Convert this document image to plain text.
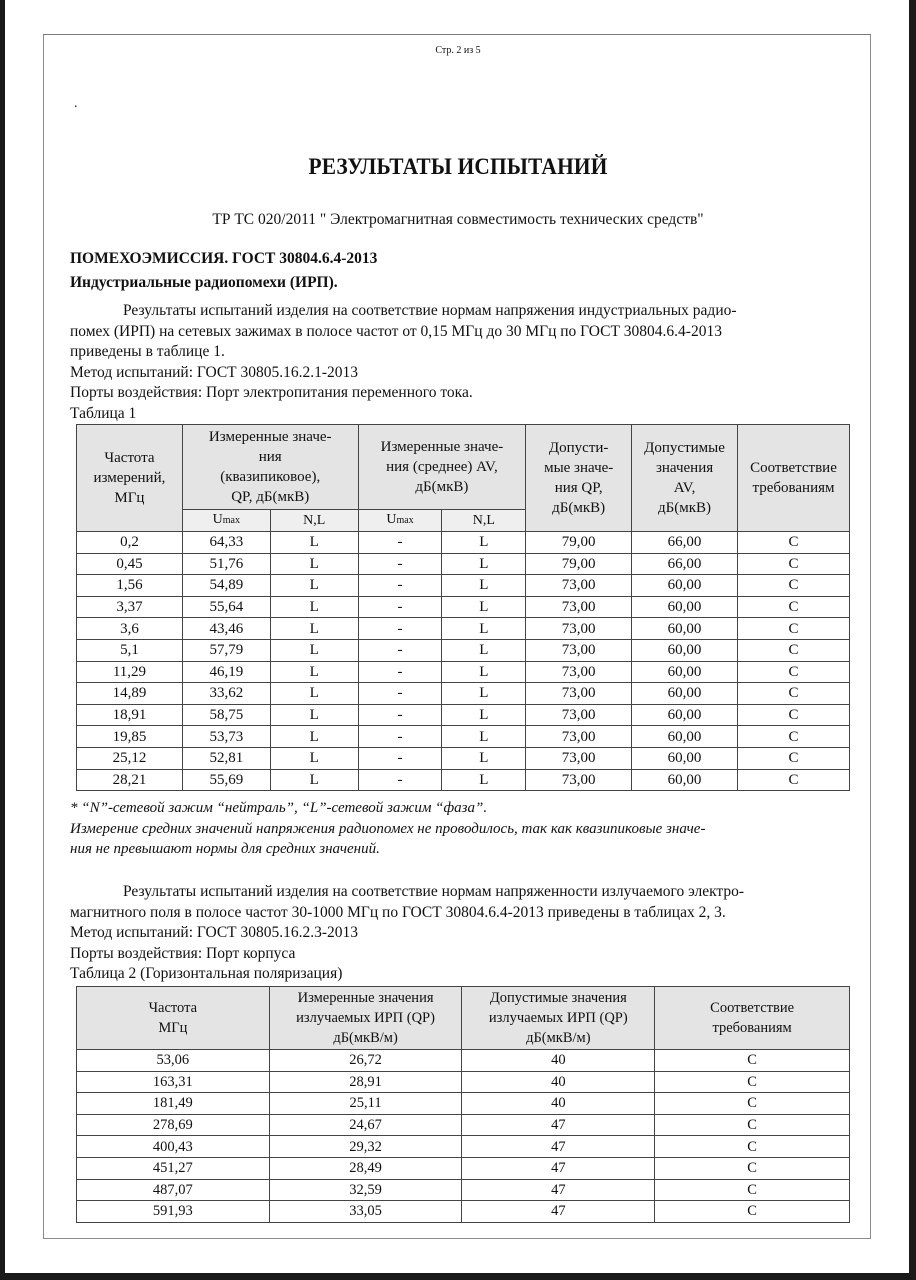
Стр. 2 из 5
.
РЕЗУЛЬТАТЫ ИСПЫТАНИЙ
ТР ТС 020/2011 " Электромагнитная совместимость технических средств"
ПОМЕХОЭМИССИЯ. ГОСТ 30804.6.4-2013
Индустриальные радиопомехи (ИРП).
Результаты испытаний изделия на соответствие нормам напряжения индустриальных радио-
помех (ИРП) на сетевых зажимах в полосе частот от 0,15 МГц до 30 МГц по ГОСТ 30804.6.4-2013
приведены в таблице 1.
Метод испытаний: ГОСТ 30805.16.2.1-2013
Порты воздействия: Порт электропитания переменного тока.
Таблица 1
Частота
измерений,
МГц

Измеренные значе-
ния
(квазипиковое),
QP, дБ(мкВ)

Измеренные значе-
ния (среднее) AV,
дБ(мкВ)

Допусти-
мые значе-
ния QP,
дБ(мкВ)

Допустимые
значения
AV,
дБ(мкВ)

Соответствие
требованиям

	Umax	N,L	Umax	N,L			
0,2	64,33	L	-	L	79,00	66,00	C
0,45	51,76	L	-	L	79,00	66,00	C
1,56	54,89	L	-	L	73,00	60,00	C
3,37	55,64	L	-	L	73,00	60,00	C
3,6	43,46	L	-	L	73,00	60,00	C
5,1	57,79	L	-	L	73,00	60,00	C
11,29	46,19	L	-	L	73,00	60,00	C
14,89	33,62	L	-	L	73,00	60,00	C
18,91	58,75	L	-	L	73,00	60,00	C
19,85	53,73	L	-	L	73,00	60,00	C
25,12	52,81	L	-	L	73,00	60,00	C
28,21	55,69	L	-	L	73,00	60,00	C
* “N”-сетевой зажим “нейтраль”, “L”-сетевой зажим “фаза”.
Измерение средних значений напряжения радиопомех не проводилось, так как квазипиковые значе-
ния не превышают нормы для средних значений.
Результаты испытаний изделия на соответствие нормам напряженности излучаемого электро-
магнитного поля в полосе частот 30-1000 МГц по ГОСТ 30804.6.4-2013 приведены в таблицах 2, 3.
Метод испытаний: ГОСТ 30805.16.2.3-2013
Порты воздействия: Порт корпуса
Таблица 2 (Горизонтальная поляризация)
Частота
МГц

Измеренные значения
излучаемых ИРП (QP)
дБ(мкВ/м)

Допустимые значения
излучаемых ИРП (QP)
дБ(мкВ/м)

Соответствие
требованиям

53,06	26,72	40	C
163,31	28,91	40	C
181,49	25,11	40	C
278,69	24,67	47	C
400,43	29,32	47	C
451,27	28,49	47	C
487,07	32,59	47	C
591,93	33,05	47	C
